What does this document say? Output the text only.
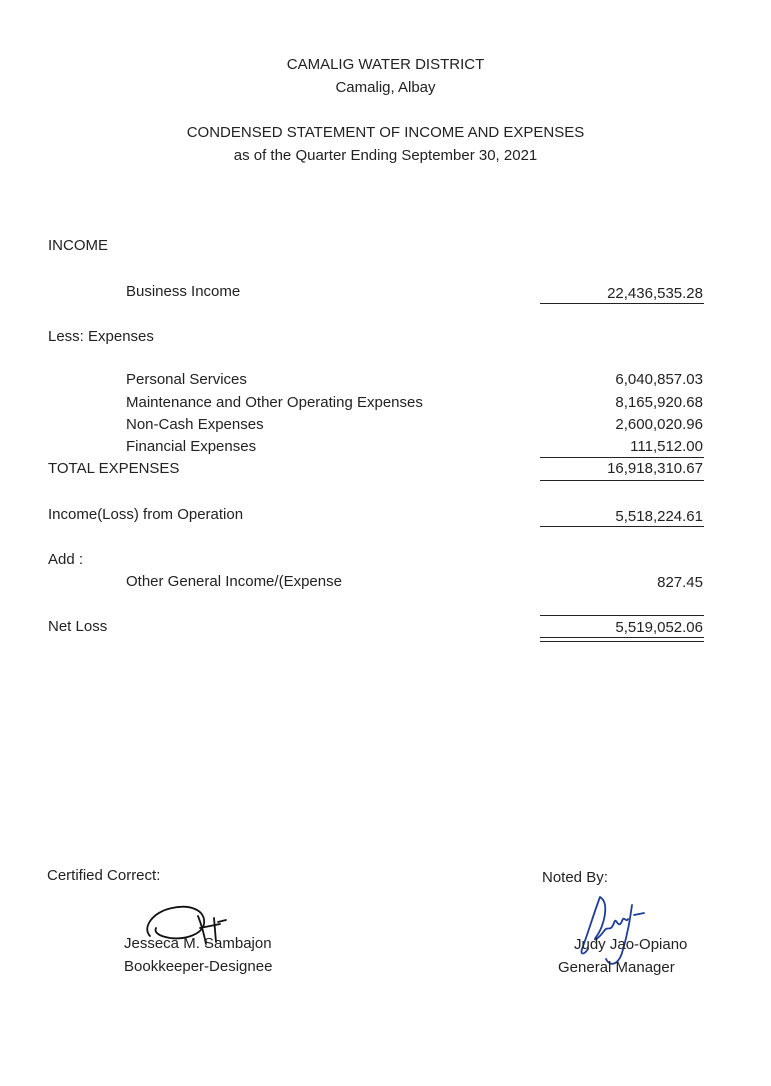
CAMALIG WATER DISTRICT
Camalig, Albay
CONDENSED STATEMENT OF INCOME AND EXPENSES
as of the Quarter Ending September 30, 2021
INCOME
Business Income	22,436,535.28
Less: Expenses
Personal Services	6,040,857.03
Maintenance and Other Operating Expenses	8,165,920.68
Non-Cash Expenses	2,600,020.96
Financial Expenses	111,512.00
TOTAL EXPENSES	16,918,310.67
Income(Loss) from Operation	5,518,224.61
Add :
Other General Income/(Expense	827.45
Net Loss	5,519,052.06
Certified Correct:
Jesseca M. Sambajon
Bookkeeper-Designee
Noted By:
Judy Jao-Opiano
General Manager
